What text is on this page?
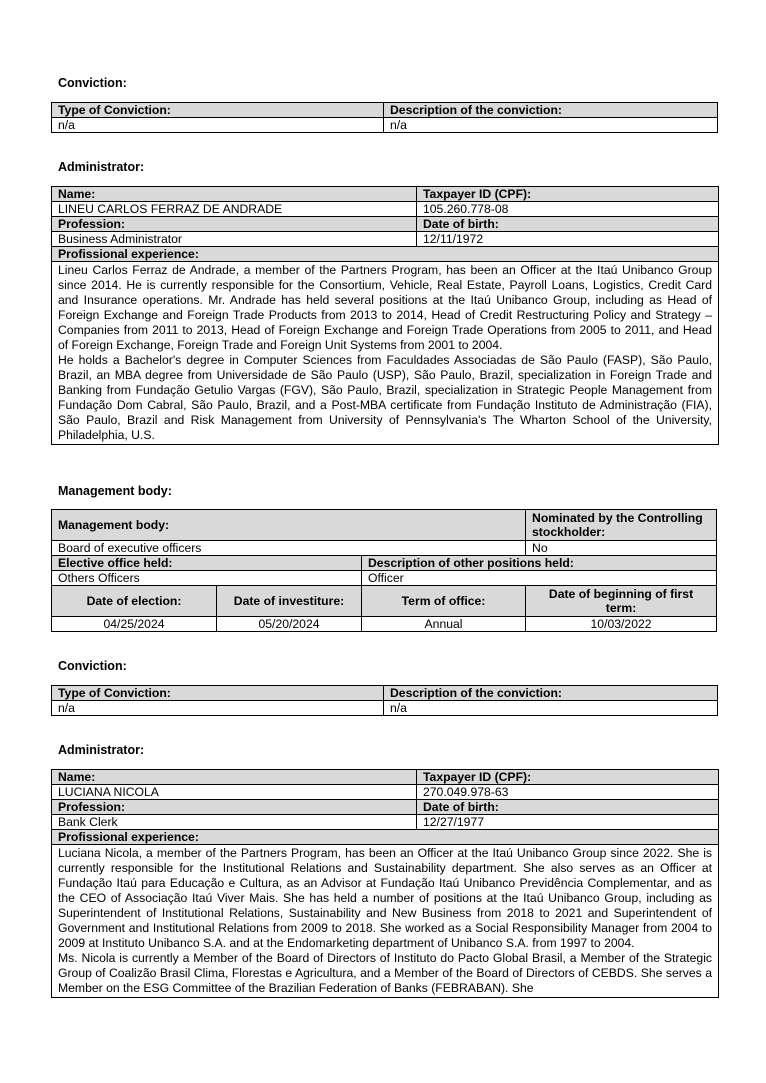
Conviction:
Type of Conviction:	Description of the conviction:
n/a	n/a
Administrator:
Name:	Taxpayer ID (CPF):
LINEU CARLOS FERRAZ DE ANDRADE	105.260.778-08
Profession:	Date of birth:
Business Administrator	12/11/1972
Profissional experience:	

Lineu Carlos Ferraz de Andrade, a member of the Partners Program, has been an Officer at the Itaú Unibanco Group since 2014. He is currently responsible for the Consortium, Vehicle, Real Estate, Payroll Loans, Logistics, Credit Card and Insurance operations. Mr. Andrade has held several positions at the Itaú Unibanco Group, including as Head of Foreign Exchange and Foreign Trade Products from 2013 to 2014, Head of Credit Restructuring Policy and Strategy – Companies from 2011 to 2013, Head of Foreign Exchange and Foreign Trade Operations from 2005 to 2011, and Head of Foreign Exchange, Foreign Trade and Foreign Unit Systems from 2001 to 2004.

He holds a Bachelor's degree in Computer Sciences from Faculdades Associadas de São Paulo (FASP), São Paulo, Brazil, an MBA degree from Universidade de São Paulo (USP), São Paulo, Brazil, specialization in Foreign Trade and Banking from Fundação Getulio Vargas (FGV), São Paulo, Brazil, specialization in Strategic People Management from Fundação Dom Cabral, São Paulo, Brazil, and a Post-MBA certificate from Fundação Instituto de Administração (FIA), São Paulo, Brazil and Risk Management from University of Pennsylvania's The Wharton School of the University, Philadelphia, U.S.	

Management body:
Management body:			Nominated by the Controlling stockholder:
Board of executive officers			No
Elective office held:		Description of other positions held:	
Others Officers		Officer	
Date of election:	Date of investiture:	Term of office:	Date of beginning of first term:
04/25/2024	05/20/2024	Annual	10/03/2022
Conviction:
Type of Conviction:	Description of the conviction:
n/a	n/a
Administrator:
Name:	Taxpayer ID (CPF):
LUCIANA NICOLA	270.049.978-63
Profession:	Date of birth:
Bank Clerk	12/27/1977
Profissional experience:	

Luciana Nicola, a member of the Partners Program, has been an Officer at the Itaú Unibanco Group since 2022. She is currently responsible for the Institutional Relations and Sustainability department. She also serves as an Officer at Fundação Itaú para Educação e Cultura, as an Advisor at Fundação Itaú Unibanco Previdência Complementar, and as the CEO of Associação Itaú Viver Mais. She has held a number of positions at the Itaú Unibanco Group, including as Superintendent of Institutional Relations, Sustainability and New Business from 2018 to 2021 and Superintendent of Government and Institutional Relations from 2009 to 2018. She worked as a Social Responsibility Manager from 2004 to 2009 at Instituto Unibanco S.A. and at the Endomarketing department of Unibanco S.A. from 1997 to 2004.

Ms. Nicola is currently a Member of the Board of Directors of Instituto do Pacto Global Brasil, a Member of the Strategic Group of Coalizão Brasil Clima, Florestas e Agricultura, and a Member of the Board of Directors of CEBDS. She serves a Member on the ESG Committee of the Brazilian Federation of Banks (FEBRABAN). She	
